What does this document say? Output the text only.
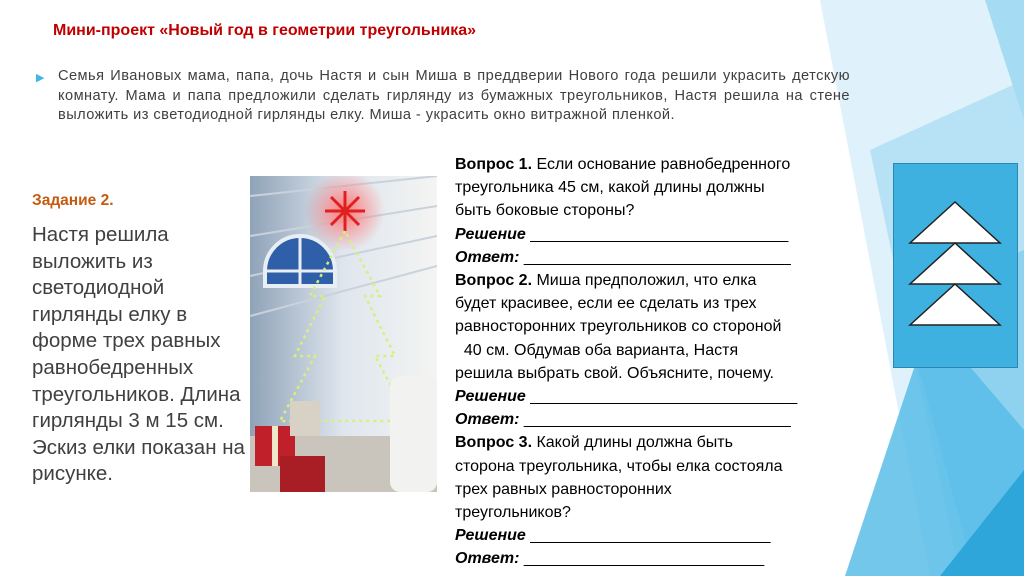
Мини-проект «Новый год в геометрии треугольника»
▶ Семья Ивановых мама, папа, дочь Настя и сын Миша в преддверии Нового года решили украсить детскую комнату. Мама и папа предложили сделать гирлянду из бумажных треугольников, Настя решила на стене выложить из светодиодной гирлянды елку. Миша - украсить окно витражной пленкой.
Задание 2.
Настя решила выложить из светодиодной гирлянды елку в форме трех равных равнобедренных треугольников. Длина гирлянды 3 м 15 см. Эскиз елки показан на рисунке.
Вопрос 1. Если основание равнобедренного
треугольника 45 см, какой длины должны
быть боковые стороны?
Решение _____________________________
Ответ: ______________________________
Вопрос 2. Миша предположил, что елка
будет красивее, если ее сделать из трех
равносторонних треугольников со стороной
40 см. Обдумав оба варианта, Настя
решила выбрать свой. Объясните, почему.
Решение ______________________________
Ответ: ______________________________
Вопрос 3. Какой длины должна быть
сторона треугольника, чтобы елка состояла
трех равных равносторонних
треугольников?
Решение ___________________________
Ответ: ___________________________
